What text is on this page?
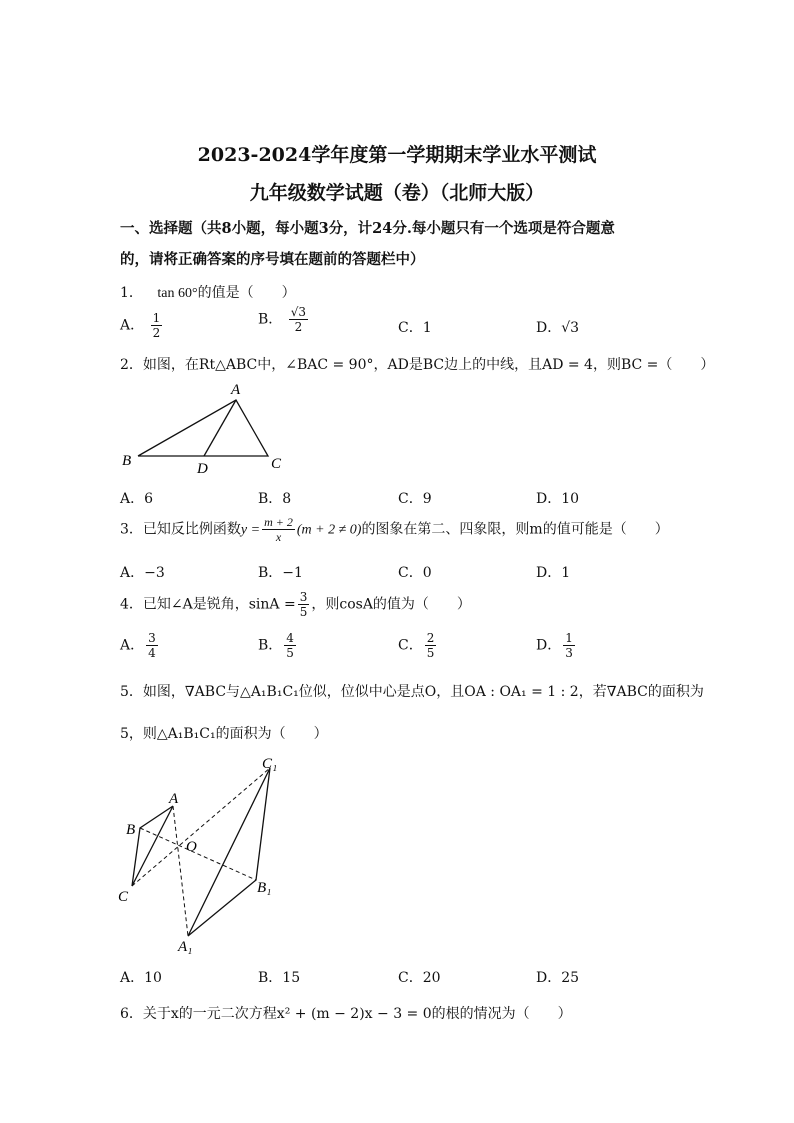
2023-2024学年度第一学期期末学业水平测试
九年级数学试题（卷）（北师大版）
一、选择题（共8小题，每小题3分，计24分.每小题只有一个选项是符合题意
的，请将正确答案的序号填在题前的答题栏中）
1． tan 60°的值是（　　）
A． $\frac{1}{2}$	B． $\frac{√3}{2}$	C．1	D．√3
2．如图，在Rt△ABC中，∠BAC = 90°，AD是BC边上的中线，且AD = 4，则BC =（　　）
A
B	D	C
A．6	B．8	C．9	D．10
3．已知反比例函数$y = \frac{m + 2}{x} (m + 2 \ne 0)$的图象在第二、四象限，则m的值可能是（　　）
A．−3	B．−1	C．0	D．1
4．已知∠A是锐角，$\sin A = \frac{3}{5}$ ，则cosA的值为（　　）
A． $\frac{3}{4}$	B． $\frac{4}{5}$	C． $\frac{2}{5}$	D． $\frac{1}{3}$
5．如图，∇ABC与△A₁B₁C₁位似，位似中心是点O，且OA : OA₁ = 1 : 2，若∇ABC的面积为
5，则△A₁B₁C₁的面积为（　　）
A
B
O
C
C₁
B₁
A₁
A．10	B．15	C．20	D．25
6．关于x的一元二次方程x² + (m − 2)x − 3 = 0的根的情况为（　　）
